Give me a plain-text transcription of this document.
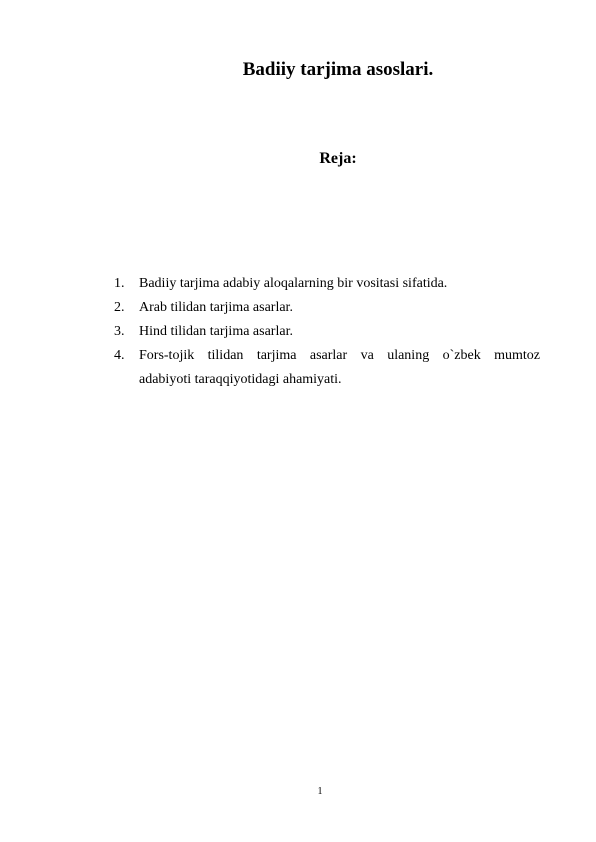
Badiiy tarjima asoslari.
Reja:
1. Badiiy tarjima adabiy aloqalarning bir vositasi sifatida.
2. Arab tilidan tarjima asarlar.
3. Hind tilidan tarjima asarlar.
4. Fors-tojik tilidan tarjima asarlar va ulaning o`zbek mumtoz
adabiyoti taraqqiyotidagi ahamiyati.
1
